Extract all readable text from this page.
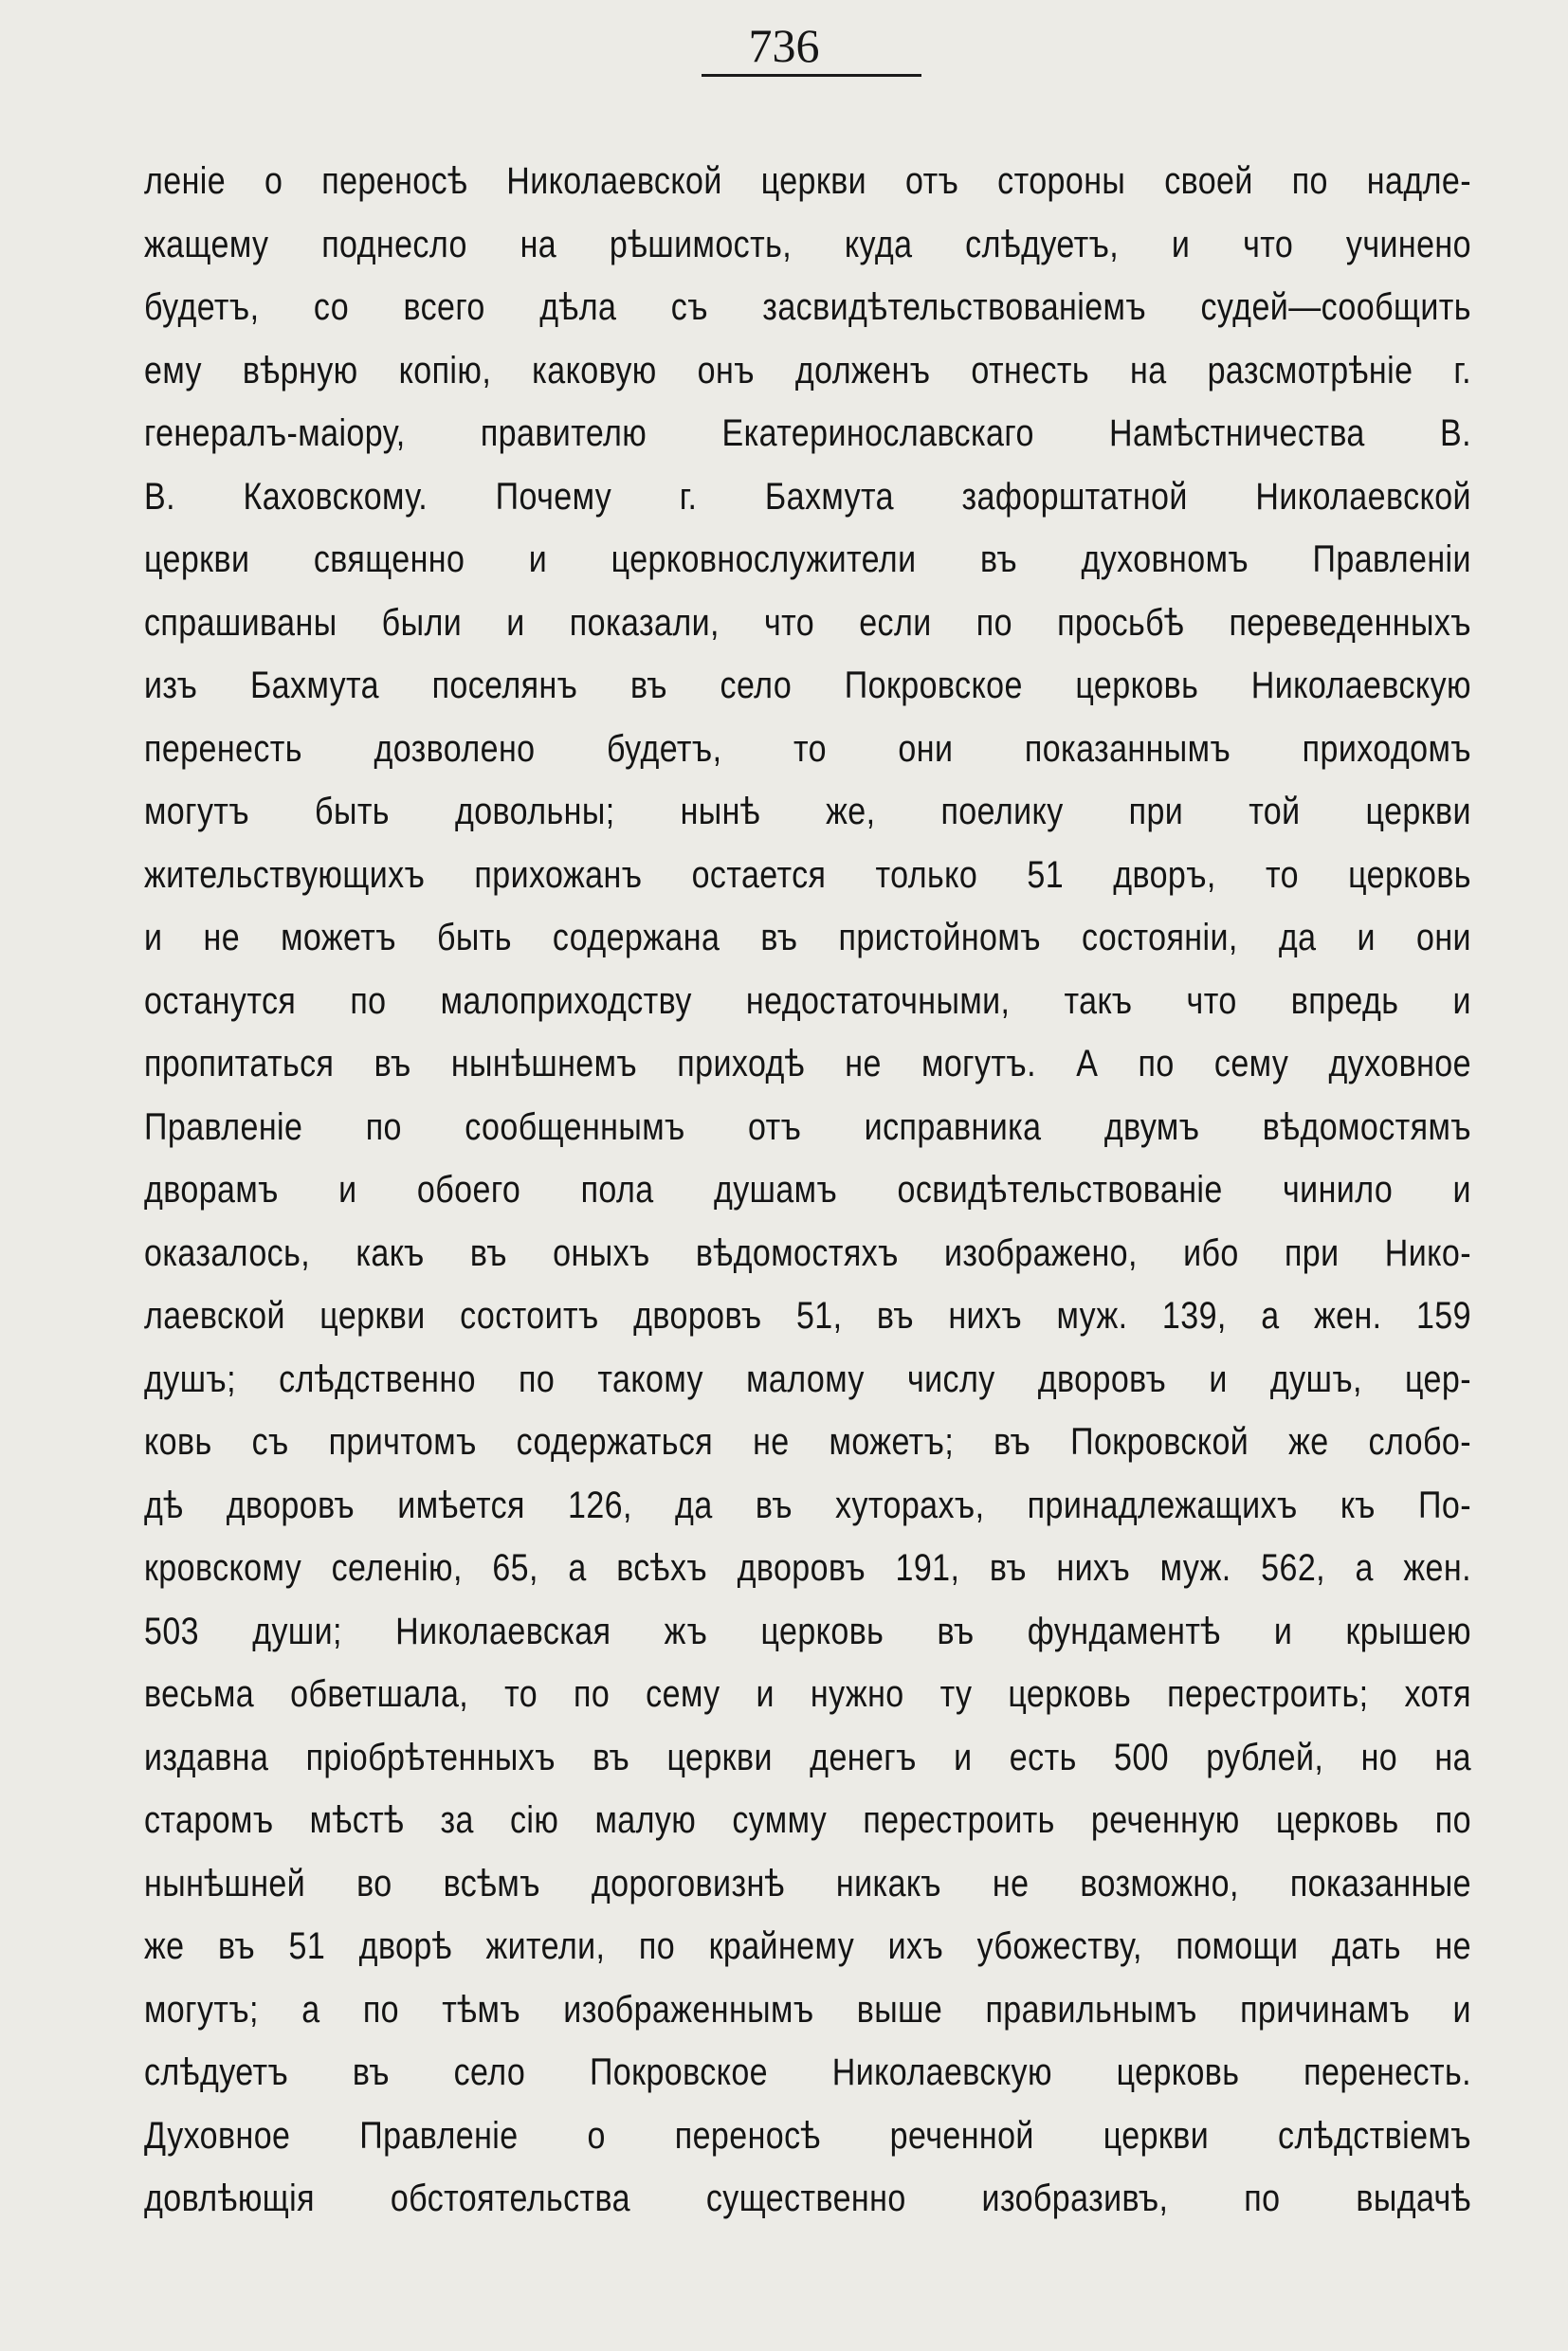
736
леніе о переносѣ Николаевской церкви отъ стороны своей по надле-
жащему поднесло на рѣшимость, куда слѣдуетъ, и что учинено
будетъ, со всего дѣла съ засвидѣтельствованіемъ судей—сообщить
ему вѣрную копію, каковую онъ долженъ отнесть на разсмотрѣніе г.
генералъ-маіору, правителю Екатеринославскаго Намѣстничества В.
В. Каховскому. Почему г. Бахмута зафорштатной Николаевской
церкви священно и церковнослужители въ духовномъ Правленіи
спрашиваны были и показали, что если по просьбѣ переведенныхъ
изъ Бахмута поселянъ въ село Покровское церковь Николаевскую
перенесть дозволено будетъ, то они показаннымъ приходомъ
могутъ быть довольны; нынѣ же, поелику при той церкви
жительствующихъ прихожанъ остается только 51 дворъ, то церковь
и не можетъ быть содержана въ пристойномъ состояніи, да и они
останутся по малоприходству недостаточными, такъ что впредь и
пропитаться въ нынѣшнемъ приходѣ не могутъ. А по сему духовное
Правленіе по сообщеннымъ отъ исправника двумъ вѣдомостямъ
дворамъ и обоего пола душамъ освидѣтельствованіе чинило и
оказалось, какъ въ оныхъ вѣдомостяхъ изображено, ибо при Нико-
лаевской церкви состоитъ дворовъ 51, въ нихъ муж. 139, а жен. 159
душъ; слѣдственно по такому малому числу дворовъ и душъ, цер-
ковь съ причтомъ содержаться не можетъ; въ Покровской же слобо-
дѣ дворовъ имѣется 126, да въ хуторахъ, принадлежащихъ къ По-
кровскому селенію, 65, а всѣхъ дворовъ 191, въ нихъ муж. 562, а жен.
503 души; Николаевская жъ церковь въ фундаментѣ и крышею
весьма обветшала, то по сему и нужно ту церковь перестроить; хотя
издавна пріобрѣтенныхъ въ церкви денегъ и есть 500 рублей, но на
старомъ мѣстѣ за сію малую сумму перестроить реченную церковь по
нынѣшней во всѣмъ дороговизнѣ никакъ не возможно, показанные
же въ 51 дворѣ жители, по крайнему ихъ убожеству, помощи дать не
могутъ; а по тѣмъ изображеннымъ выше правильнымъ причинамъ и
слѣдуетъ въ село Покровское Николаевскую церковь перенесть.
Духовное Правленіе о переносѣ реченной церкви слѣдствіемъ
довлѣющія обстоятельства существенно изобразивъ, по выдачѣ
